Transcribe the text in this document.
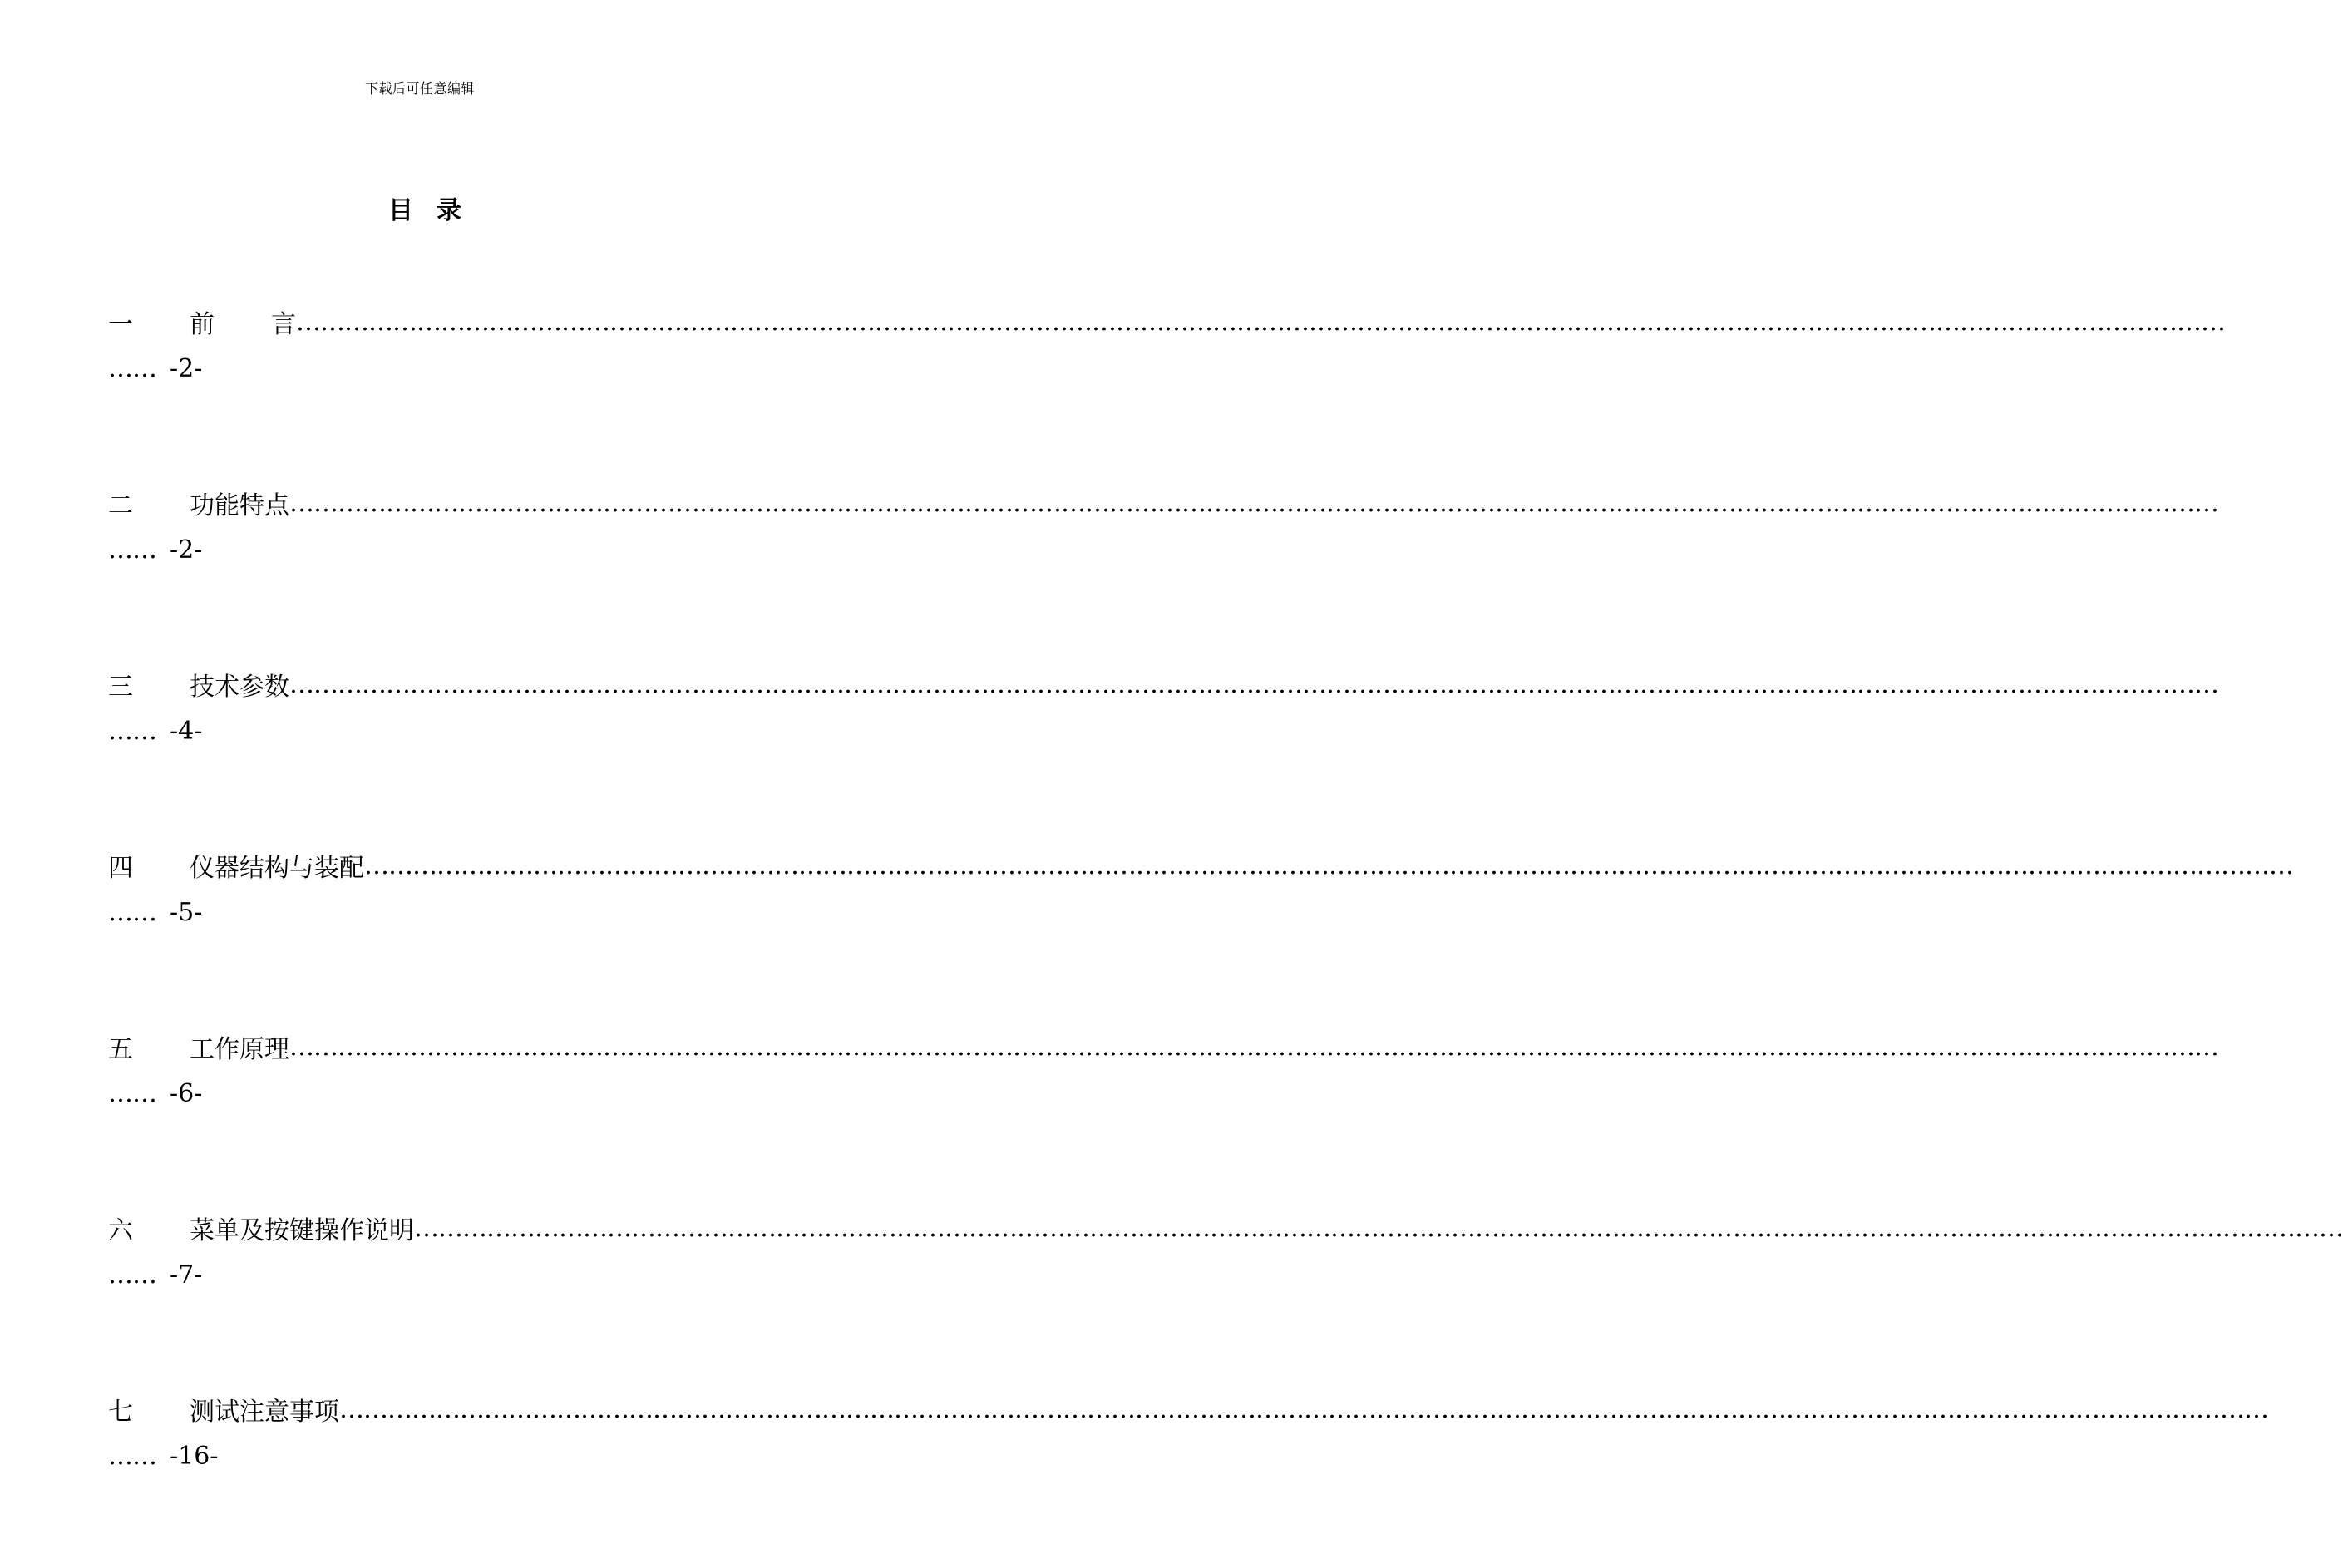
下载后可任意编辑
目录
一	前 言 ……………………………………………………………………………………………………………………………………………………………………………………………………………………
…… -2-
二	功能特点 ……………………………………………………………………………………………………………………………………………………………………………………………………………………
…… -2-
三	技术参数 ……………………………………………………………………………………………………………………………………………………………………………………………………………………
…… -4-
四	仪器结构与装配 ……………………………………………………………………………………………………………………………………………………………………………………………………………………
…… -5-
五	工作原理 ……………………………………………………………………………………………………………………………………………………………………………………………………………………
…… -6-
六	菜单及按键操作说明 ……………………………………………………………………………………………………………………………………………………………………………………………………………………
…… -7-
七	测试注意事项 ……………………………………………………………………………………………………………………………………………………………………………………………………………………
…… -16-
